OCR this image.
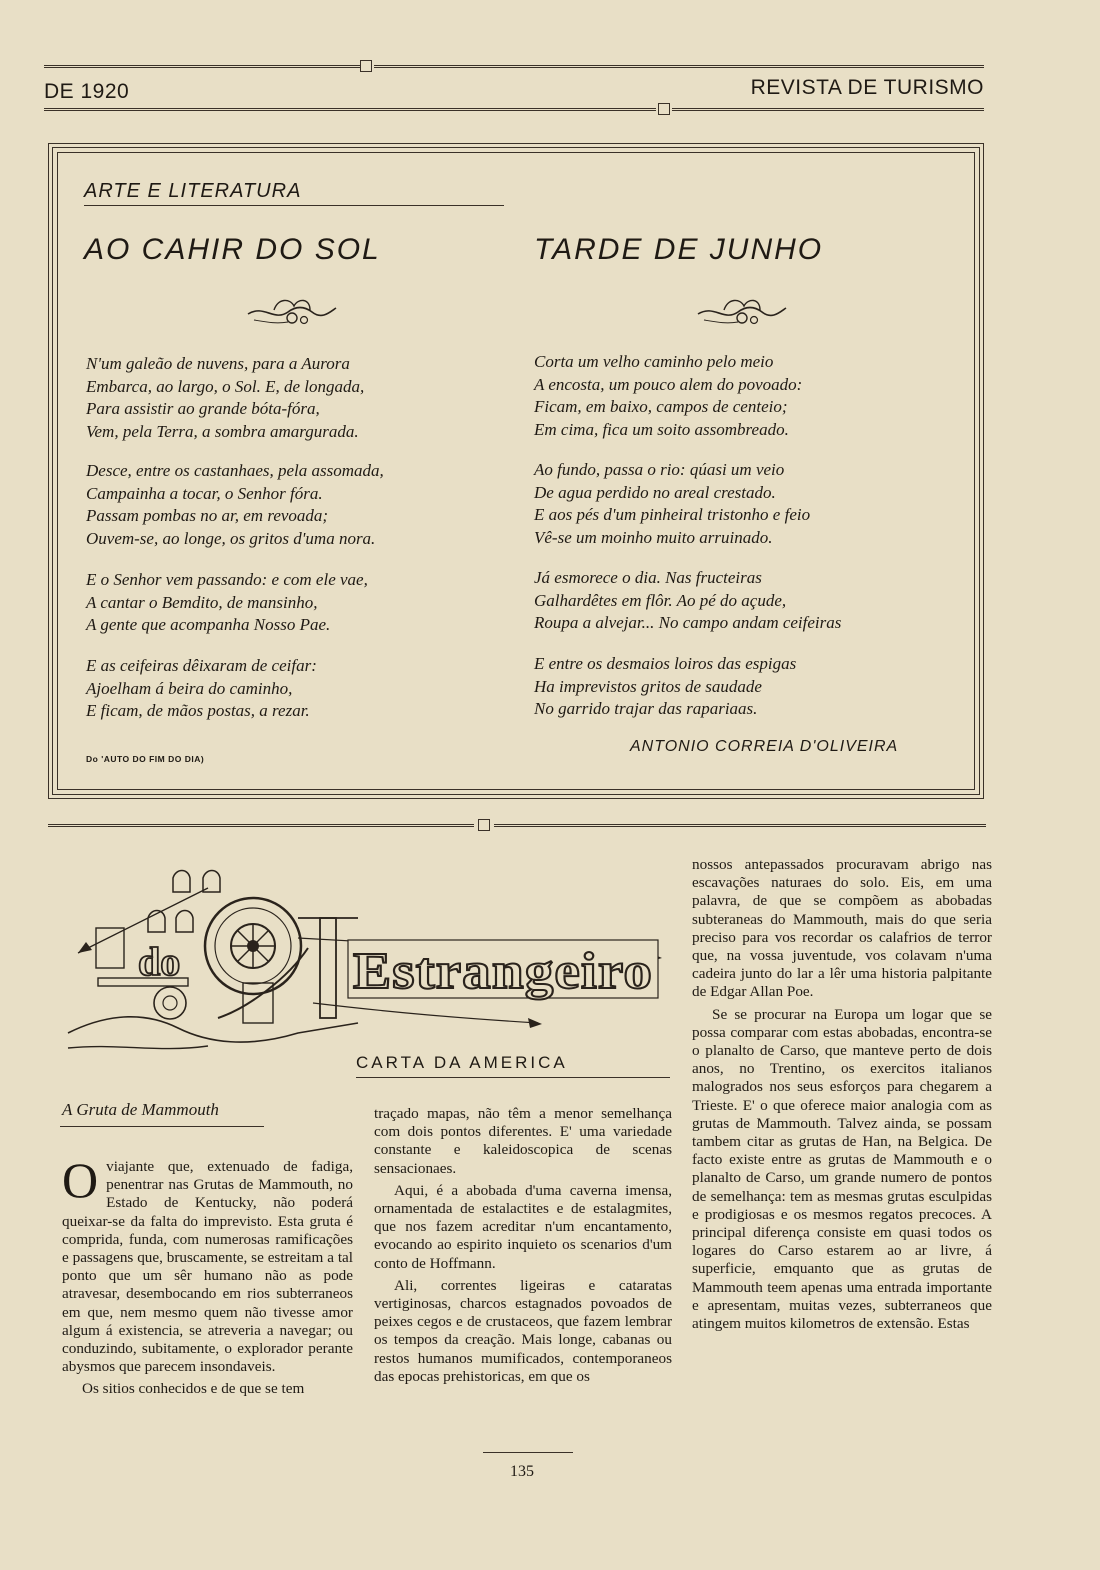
DE 1920	REVISTA DE TURISMO
ARTE E LITERATURA
AO CAHIR DO SOL	TARDE DE JUNHO
N'um galeão de nuvens, para a Aurora
Embarca, ao largo, o Sol. E, de longada,
Para assistir ao grande bóta-fóra,
Vem, pela Terra, a sombra amargurada.
Desce, entre os castanhaes, pela assomada,
Campainha a tocar, o Senhor fóra.
Passam pombas no ar, em revoada;
Ouvem-se, ao longe, os gritos d'uma nora.
E o Senhor vem passando: e com ele vae,
A cantar o Bemdito, de mansinho,
A gente que acompanha Nosso Pae.
E as ceifeiras dêixaram de ceifar:
Ajoelham á beira do caminho,
E ficam, de mãos postas, a rezar.
Do 'AUTO DO FIM DO DIA)
Corta um velho caminho pelo meio
A encosta, um pouco alem do povoado:
Ficam, em baixo, campos de centeio;
Em cima, fica um soito assombreado.
Ao fundo, passa o rio: qúasi um veio
De agua perdido no areal crestado.
E aos pés d'um pinheiral tristonho e feio
Vê-se um moinho muito arruinado.
Já esmorece o dia. Nas fructeiras
Galhardêtes em flôr. Ao pé do açude,
Roupa a alvejar... No campo andam ceifeiras
E entre os desmaios loiros das espigas
Ha imprevistos gritos de saudade
No garrido trajar das rapariaas.
ANTONIO CORREIA D'OLIVEIRA
do	Estrangeiro
CARTA DA AMERICA
A Gruta de Mammouth

Oviajante que, extenuado de fadiga, penentrar nas Grutas de Mammouth, no Estado de Kentucky, não poderá queixar-se da falta do imprevisto. Esta gruta é comprida, funda, com numerosas ramificações e passagens que, bruscamente, se estreitam a tal ponto que um sêr humano não as pode atravesar, desembocando em rios subterraneos em que, nem mesmo quem não tivesse amor algum á existencia, se atreveria a navegar; ou conduzindo, subitamente, o explorador perante abysmos que parecem insondaveis.

Os sitios conhecidos e de que se tem

traçado mapas, não têm a menor semelhança com dois pontos diferentes. E' uma variedade constante e kaleidoscopica de scenas sensacionaes.

Aqui, é a abobada d'uma caverna imensa, ornamentada de estalactites e de estalagmites, que nos fazem acreditar n'um encantamento, evocando ao espirito inquieto os scenarios d'um conto de Hoffmann.

Ali, correntes ligeiras e cataratas vertiginosas, charcos estagnados povoados de peixes cegos e de crustaceos, que fazem lembrar os tempos da creação. Mais longe, cabanas ou restos humanos mumificados, contemporaneos das epocas prehistoricas, em que os

nossos antepassados procuravam abrigo nas escavações naturaes do solo. Eis, em uma palavra, de que se compõem as abobadas subteraneas do Mammouth, mais do que seria preciso para vos recordar os calafrios de terror que, na vossa juventude, vos colavam n'uma cadeira junto do lar a lêr uma historia palpitante de Edgar Allan Poe.

Se se procurar na Europa um logar que se possa comparar com estas abobadas, encontra-se o planalto de Carso, que manteve perto de dois anos, no Trentino, os exercitos italianos malogrados nos seus esforços para chegarem a Trieste. E' o que oferece maior analogia com as grutas de Mammouth. Talvez ainda, se possam tambem citar as grutas de Han, na Belgica. De facto existe entre as grutas de Mammouth e o planalto de Carso, um grande numero de pontos de semelhança: tem as mesmas grutas esculpidas e prodigiosas e os mesmos regatos precoces. A principal diferença consiste em quasi todos os logares do Carso estarem ao ar livre, á superficie, emquanto que as grutas de Mammouth teem apenas uma entrada importante e apresentam, muitas vezes, subterraneos que atingem muitos kilometros de extensão. Estas

135
